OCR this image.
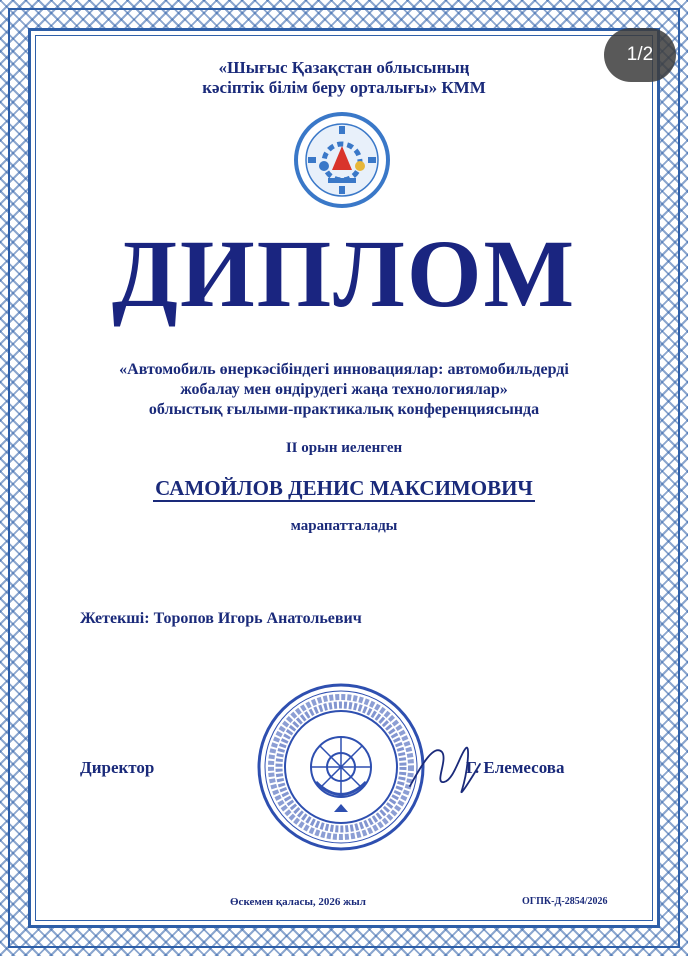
«Шығыс Қазақстан облысының
кәсіптік білім беру орталығы» КММ
ДИПЛОМ
«Автомобиль өнеркәсібіндегі инновациялар: автомобильдерді
жобалау мен өндірудегі жаңа технологиялар»
облыстық ғылыми-практикалық конференциясында
II орын иеленген
САМОЙЛОВ ДЕНИС МАКСИМОВИЧ
марапатталады
Жетекші: Торопов Игорь Анатольевич
Директор	Г. Елемесова
Өскемен қаласы, 2026 жыл	ОГПК-Д-2854/2026
1/2
